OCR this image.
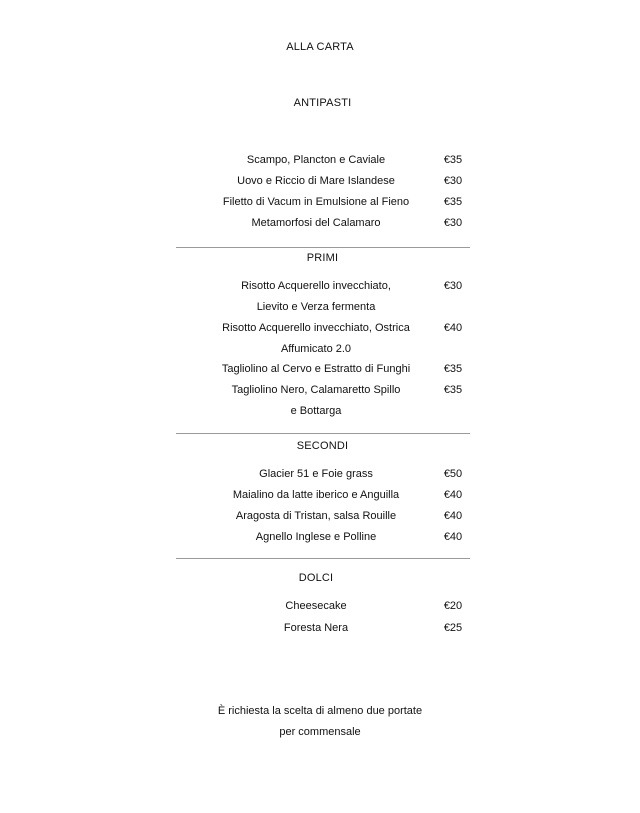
ALLA CARTA
ANTIPASTI
Scampo, Plancton e Caviale	€35
Uovo e Riccio di Mare Islandese	€30
Filetto di Vacum in Emulsione al Fieno	€35
Metamorfosi del Calamaro	€30
PRIMI
Risotto Acquerello invecchiato,	€30
Lievito e Verza fermenta
Risotto Acquerello invecchiato, Ostrica	€40
Affumicato 2.0
Tagliolino al Cervo e Estratto di Funghi	€35
Tagliolino Nero, Calamaretto Spillo	€35
e Bottarga
SECONDI
Glacier 51 e Foie grass	€50
Maialino da latte iberico e Anguilla	€40
Aragosta di Tristan, salsa Rouille	€40
Agnello Inglese e Polline	€40
DOLCI
Cheesecake	€20
Foresta Nera	€25
È richiesta la scelta di almeno due portate
per commensale
